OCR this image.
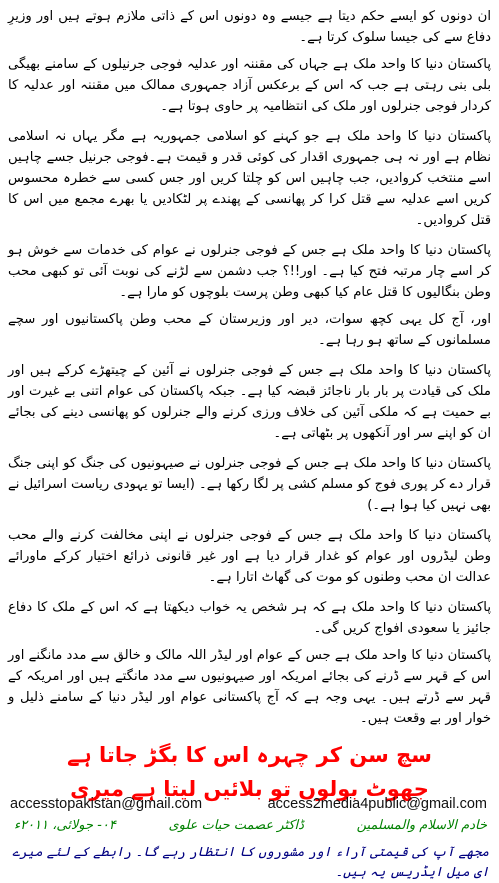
ان دونوں کو ایسے حکم دیتا ہے جیسے وہ دونوں اس کے ذاتی ملازم ہوتے ہیں اور وزیرِ دفاع سے کی جیسا سلوک کرتا ہے۔

پاکستان دنیا کا واحد ملک ہے جہاں کی مقننہ اور عدلیہ فوجی جرنیلوں کے سامنے بھیگی بلی بنی رہتی ہے جب کہ اس کے برعکس آزاد جمہوری ممالک میں مقننہ اور عدلیہ کا کردار فوجی جنرلوں اور ملک کی انتظامیہ پر حاوی ہوتا ہے۔

پاکستان دنیا کا واحد ملک ہے جو کہنے کو اسلامی جمہوریہ ہے مگر یہاں نہ اسلامی نظام ہے اور نہ ہی جمہوری اقدار کی کوئی قدر و قیمت ہے۔فوجی جرنیل جسے چاہیں اسے منتخب کروادیں، جب چاہیں اس کو چلتا کریں اور جس کسی سے خطرہ محسوس کریں اسے عدلیہ سے قتل کرا کر پھانسی کے پھندے پر لٹکادیں یا بھرے مجمع میں اس کا قتل کروادیں۔

پاکستان دنیا کا واحد ملک ہے جس کے فوجی جنرلوں نے عوام کی خدمات سے خوش ہو کر اسے چار مرتبہ فتح کیا ہے۔ اور!!؟ جب دشمن سے لڑنے کی نوبت آئی تو کبھی محب وطن بنگالیوں کا قتل عام کیا کبھی وطن پرست بلوچوں کو مارا ہے۔

اور، آج کل یہی کچھ سوات، دیر اور وزیرستان کے محب وطن پاکستانیوں اور سچے مسلمانوں کے ساتھ ہو رہا ہے۔

پاکستان دنیا کا واحد ملک ہے جس کے فوجی جنرلوں نے آئین کے چیتھڑے کرکے ہیں اور ملک کی قیادت پر بار بار ناجائز قبضہ کیا ہے۔ جبکہ پاکستان کی عوام اتنی بے غیرت اور بے حمیت ہے کہ ملکی آئین کی خلاف ورزی کرنے والے جنرلوں کو پھانسی دینے کی بجائے ان کو اپنے سر اور آنکھوں پر بٹھاتی ہے۔

پاکستان دنیا کا واحد ملک ہے جس کے فوجی جنرلوں نے صیہونیوں کی جنگ کو اپنی جنگ قرار دے کر پوری فوج کو مسلم کشی پر لگا رکھا ہے۔ (ایسا تو یہودی ریاست اسرائیل نے بھی نہیں کیا ہوا ہے۔)

پاکستان دنیا کا واحد ملک ہے جس کے فوجی جنرلوں نے اپنی مخالفت کرنے والے محب وطن لیڈروں اور عوام کو غدار قرار دیا ہے اور غیر قانونی ذرائع اختیار کرکے ماورائے عدالت ان محب وطنوں کو موت کی گھاٹ اتارا ہے۔

پاکستان دنیا کا واحد ملک ہے کہ ہر شخص یہ خواب دیکھتا ہے کہ اس کے ملک کا دفاع جائیز یا سعودی افواج کریں گی۔

پاکستان دنیا کا واحد ملک ہے جس کے عوام اور لیڈر اللہ مالک و خالق سے مدد مانگنے اور اس کے قہر سے ڈرنے کی بجائے امریکہ اور صیہونیوں سے مدد مانگتے ہیں اور امریکہ کے قہر سے ڈرتے ہیں۔ یہی وجہ ہے کہ آج پاکستانی عوام اور لیڈر دنیا کے سامنے ذلیل و خوار اور بے وقعت ہیں۔

سچ سن کر چہرہ اس کا بگڑ جاتا ہے
جھوٹ بولوں تو بلائیں لیتا ہے میری
خادم الاسلام والمسلمین
ڈاکٹر عصمت حیات علوی
۰۴- جولائی، ۲۰۱۱ء
مجھے آپ کی قیمتی آراء اور مشوروں کا انتظار رہے گا۔ رابطے کے لئے میرے ای میل ایڈریس یہ ہیں۔
accesstopakistan@gmail.com	access2media4public@gmail.com
